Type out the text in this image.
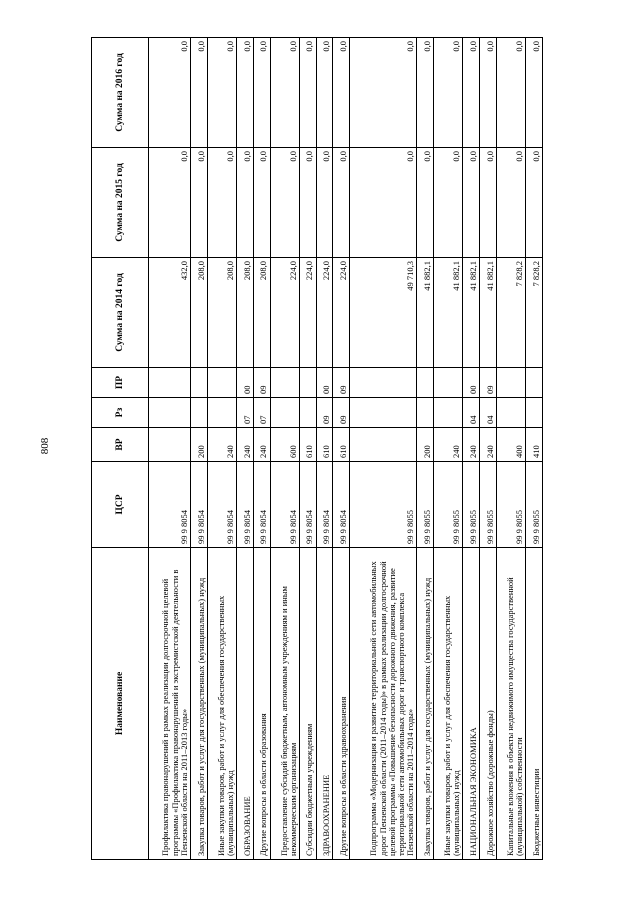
808
Наименование	ЦСР	ВР	Рз	ПР	Сумма на 2014 год	Сумма на 2015 год	Сумма на 2016 год
Профилактика правонарушений в рамках реализации долгосрочной целевой программы «Профилактика правонарушений и экстремистской деятельности в Пензенской области на 2011–2013 годы»	99 9 8054				432,0	0,0	0,0
Закупка товаров, работ и услуг для государственных (муниципальных) нужд	99 9 8054	200			208,0	0,0	0,0
Иные закупки товаров, работ и услуг для обеспечения государственных (муниципальных) нужд	99 9 8054	240			208,0	0,0	0,0
ОБРАЗОВАНИЕ	99 9 8054	240	07	00	208,0	0,0	0,0
Другие вопросы в области образования	99 9 8054	240	07	09	208,0	0,0	0,0
Предоставление субсидий бюджетным, автономным учреждениям и иным некоммерческим организациям	99 9 8054	600			224,0	0,0	0,0
Субсидии бюджетным учреждениям	99 9 8054	610			224,0	0,0	0,0
ЗДРАВООХРАНЕНИЕ	99 9 8054	610	09	00	224,0	0,0	0,0
Другие вопросы в области здравоохранения	99 9 8054	610	09	09	224,0	0,0	0,0
Подпрограмма «Модернизация и развитие территориальной сети автомобильных дорог Пензенской области (2011–2014 годы)» в рамках реализации долгосрочной целевой программы «Повышение безопасности дорожного движения, развитие территориальной сети автомобильных дорог и транспортного комплекса Пензенской области на 2011–2014 годы»	99 9 8055				49 710,3	0,0	0,0
Закупка товаров, работ и услуг для государственных (муниципальных) нужд	99 9 8055	200			41 882,1	0,0	0,0
Иные закупки товаров, работ и услуг для обеспечения государственных (муниципальных) нужд	99 9 8055	240			41 882,1	0,0	0,0
НАЦИОНАЛЬНАЯ ЭКОНОМИКА	99 9 8055	240	04	00	41 882,1	0,0	0,0
Дорожное хозяйство (дорожные фонды)	99 9 8055	240	04	09	41 882,1	0,0	0,0
Капитальные вложения в объекты недвижимого имущества государственной (муниципальной) собственности	99 9 8055	400			7 828,2	0,0	0,0
Бюджетные инвестиции	99 9 8055	410			7 828,2	0,0	0,0
